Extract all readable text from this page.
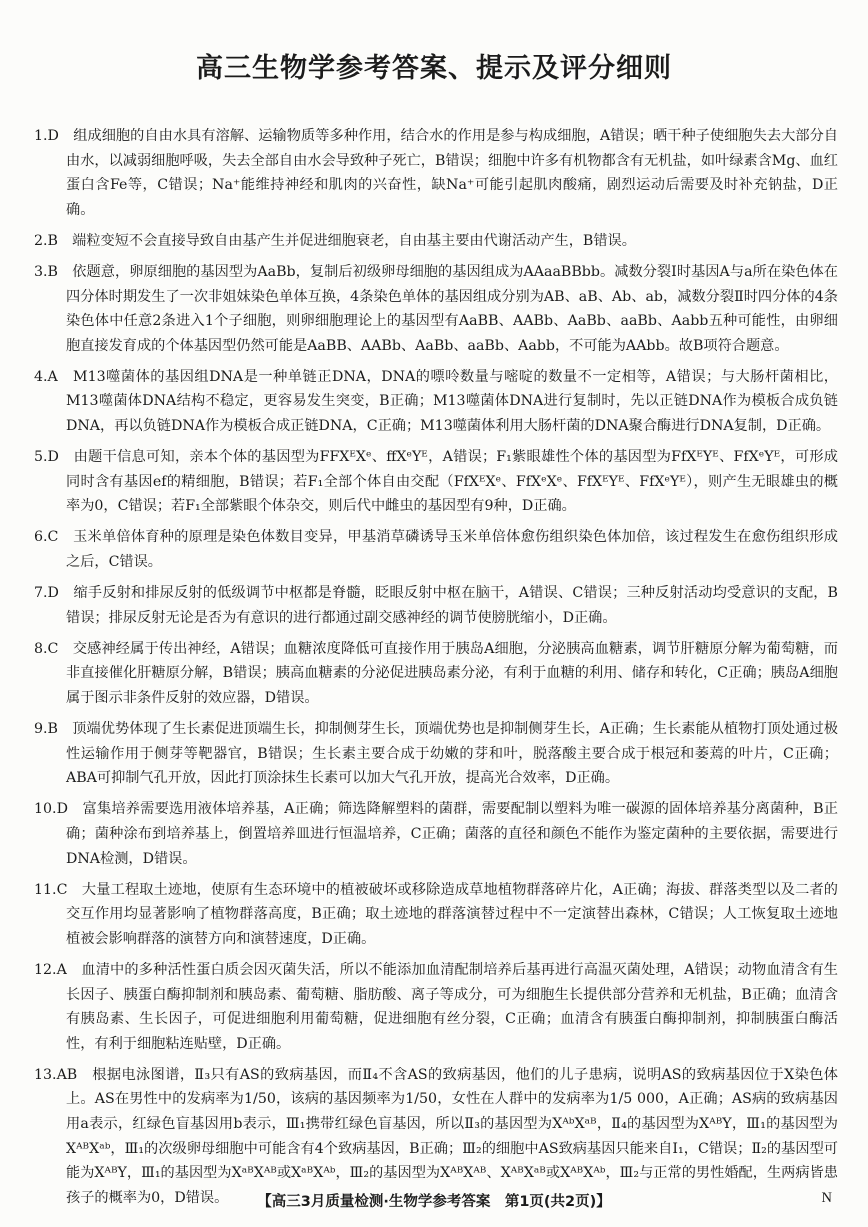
高三生物学参考答案、提示及评分细则

1.D　 组成细胞的自由水具有溶解、运输物质等多种作用，结合水的作用是参与构成细胞，A错误；晒干种子使细胞失去大部分自由水，以减弱细胞呼吸，失去全部自由水会导致种子死亡，B错误；细胞中许多有机物都含有无机盐，如叶绿素含Mg、血红蛋白含Fe等，C错误；Na⁺能维持神经和肌肉的兴奋性，缺Na⁺可能引起肌肉酸痛，剧烈运动后需要及时补充钠盐，D正确。

2.B　 端粒变短不会直接导致自由基产生并促进细胞衰老，自由基主要由代谢活动产生，B错误。

3.B　 依题意，卵原细胞的基因型为AaBb，复制后初级卵母细胞的基因组成为AAaaBBbb。减数分裂Ⅰ时基因A与a所在染色体在四分体时期发生了一次非姐妹染色单体互换，4条染色单体的基因组成分别为AB、aB、Ab、ab，减数分裂Ⅱ时四分体的4条染色体中任意2条进入1个子细胞，则卵细胞理论上的基因型有AaBB、AABb、AaBb、aaBb、Aabb五种可能性，由卵细胞直接发育成的个体基因型仍然可能是AaBB、AABb、AaBb、aaBb、Aabb，不可能为AAbb。故B项符合题意。

4.A　 M13噬菌体的基因组DNA是一种单链正DNA，DNA的嘌呤数量与嘧啶的数量不一定相等，A错误；与大肠杆菌相比，M13噬菌体DNA结构不稳定，更容易发生突变，B正确；M13噬菌体DNA进行复制时，先以正链DNA作为模板合成负链DNA，再以负链DNA作为模板合成正链DNA，C正确；M13噬菌体利用大肠杆菌的DNA聚合酶进行DNA复制，D正确。

5.D　 由题干信息可知，亲本个体的基因型为FFXᴱXᵉ、ffXᵉYᴱ，A错误；F₁紫眼雄性个体的基因型为FfXᴱYᴱ、FfXᵉYᴱ，可形成同时含有基因ef的精细胞，B错误；若F₁全部个体自由交配（FfXᴱXᵉ、FfXᵉXᵉ、FfXᴱYᴱ、FfXᵉYᴱ），则产生无眼雄虫的概率为0，C错误；若F₁全部紫眼个体杂交，则后代中雌虫的基因型有9种，D正确。

6.C　 玉米单倍体育种的原理是染色体数目变异，甲基消草磷诱导玉米单倍体愈伤组织染色体加倍，该过程发生在愈伤组织形成之后，C错误。

7.D　 缩手反射和排尿反射的低级调节中枢都是脊髓，眨眼反射中枢在脑干，A错误、C错误；三种反射活动均受意识的支配，B错误；排尿反射无论是否为有意识的进行都通过副交感神经的调节使膀胱缩小，D正确。

8.C　 交感神经属于传出神经，A错误；血糖浓度降低可直接作用于胰岛A细胞，分泌胰高血糖素，调节肝糖原分解为葡萄糖，而非直接催化肝糖原分解，B错误；胰高血糖素的分泌促进胰岛素分泌，有利于血糖的利用、储存和转化，C正确；胰岛A细胞属于图示非条件反射的效应器，D错误。

9.B　 顶端优势体现了生长素促进顶端生长，抑制侧芽生长，顶端优势也是抑制侧芽生长，A正确；生长素能从植物打顶处通过极性运输作用于侧芽等靶器官，B错误；生长素主要合成于幼嫩的芽和叶，脱落酸主要合成于根冠和萎蔫的叶片，C正确；ABA可抑制气孔开放，因此打顶涂抹生长素可以加大气孔开放，提高光合效率，D正确。

10.D　 富集培养需要选用液体培养基，A正确；筛选降解塑料的菌群，需要配制以塑料为唯一碳源的固体培养基分离菌种，B正确；菌种涂布到培养基上，倒置培养皿进行恒温培养，C正确；菌落的直径和颜色不能作为鉴定菌种的主要依据，需要进行DNA检测，D错误。

11.C　 大量工程取土迹地，使原有生态环境中的植被破坏或移除造成草地植物群落碎片化，A正确；海拔、群落类型以及二者的交互作用均显著影响了植物群落高度，B正确；取土迹地的群落演替过程中不一定演替出森林，C错误；人工恢复取土迹地植被会影响群落的演替方向和演替速度，D正确。

12.A　 血清中的多种活性蛋白质会因灭菌失活，所以不能添加血清配制培养后基再进行高温灭菌处理，A错误；动物血清含有生长因子、胰蛋白酶抑制剂和胰岛素、葡萄糖、脂肪酸、离子等成分，可为细胞生长提供部分营养和无机盐，B正确；血清含有胰岛素、生长因子，可促进细胞利用葡萄糖，促进细胞有丝分裂，C正确；血清含有胰蛋白酶抑制剂，抑制胰蛋白酶活性，有利于细胞粘连贴壁，D正确。

13.AB　 根据电泳图谱，Ⅱ₃只有AS的致病基因，而Ⅱ₄不含AS的致病基因，他们的儿子患病，说明AS的致病基因位于X染色体上。AS在男性中的发病率为1/50，该病的基因频率为1/50，女性在人群中的发病率为1/5 000，A正确；AS病的致病基因用a表示，红绿色盲基因用b表示，Ⅲ₁携带红绿色盲基因，所以Ⅱ₃的基因型为XᴬᵇXᵃᴮ，Ⅱ₄的基因型为XᴬᴮY，Ⅲ₁的基因型为XᴬᴮXᵃᵇ，Ⅲ₁的次级卵母细胞中可能含有4个致病基因，B正确；Ⅲ₂的细胞中AS致病基因只能来自Ⅰ₁，C错误；Ⅱ₂的基因型可能为XᴬᴮY，Ⅲ₁的基因型为XᵃᴮXᴬᴮ或XᵃᴮXᴬᵇ，Ⅲ₂的基因型为XᴬᴮXᴬᴮ、XᴬᴮXᵃᴮ或XᴬᴮXᴬᵇ，Ⅲ₂与正常的男性婚配，生两病皆患孩子的概率为0，D错误。	【高三3月质量检测·生物学参考答案　第1页(共2页)】	N
